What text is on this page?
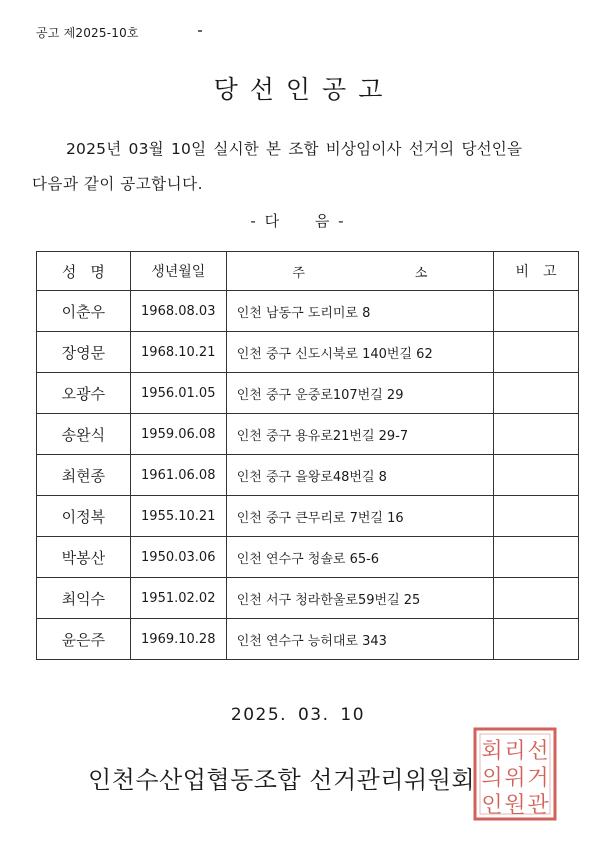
공고 제2025-10호
당선인공고

2025년 03월 10일 실시한 본 조합 비상임이사 선거의 당선인을

다음과 같이 공고합니다.

- 다     음 -
성명	생년월일	주 소	비고
이춘우	1968.08.03	인천 남동구 도리미로 8	
장영문	1968.10.21	인천 중구 신도시북로 140번길 62	
오광수	1956.01.05	인천 중구 운중로107번길 29	
송완식	1959.06.08	인천 중구 용유로21번길 29-7	
최현종	1961.06.08	인천 중구 을왕로48번길 8	
이정복	1955.10.21	인천 중구 큰무리로 7번길 16	
박봉산	1950.03.06	인천 연수구 청솔로 65-6	
최익수	1951.02.02	인천 서구 청라한울로59번길 25	
윤은주	1969.10.28	인천 연수구 능허대로 343	
2025. 03. 10
인천수산업협동조합 선거관리위원회
선
거
관
리
위
원
회
의
인
